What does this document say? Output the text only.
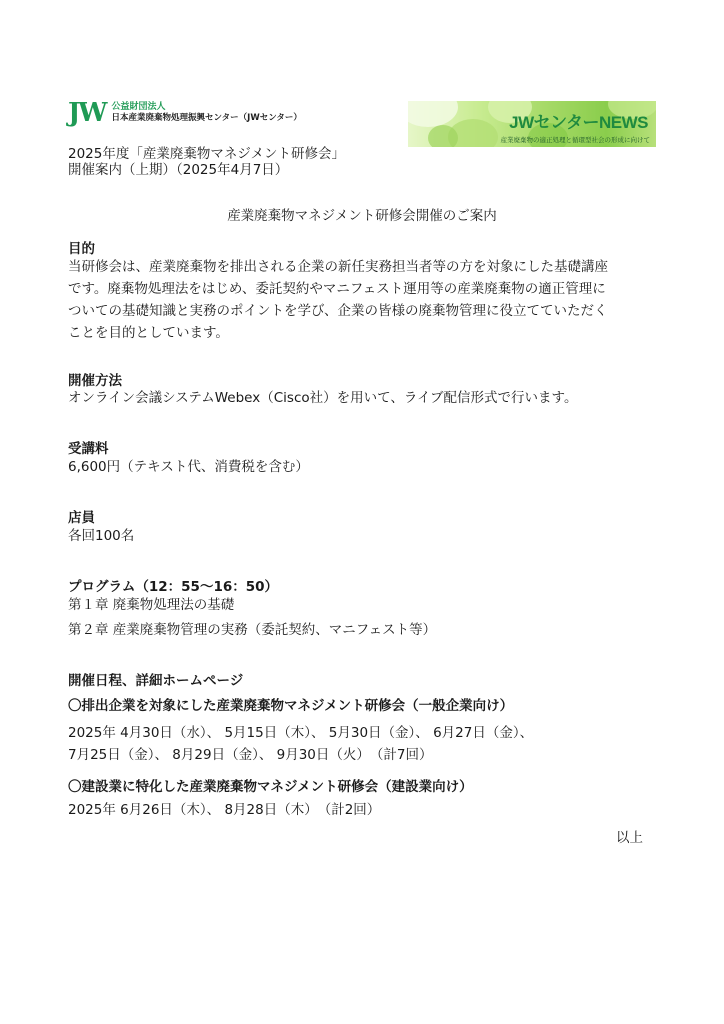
JW 公益財団法人
日本産業廃棄物処理振興センター（JWセンター）	JWセンターNEWS
産業廃棄物の適正処理と循環型社会の形成に向けて
2025年度「産業廃棄物マネジメント研修会」
開催案内（上期）（2025年4月7日）
産業廃棄物マネジメント研修会開催のご案内
目的
当研修会は、産業廃棄物を排出される企業の新任実務担当者等の方を対象にした基礎講座
です。廃棄物処理法をはじめ、委託契約やマニフェスト運用等の産業廃棄物の適正管理に
ついての基礎知識と実務のポイントを学び、企業の皆様の廃棄物管理に役立てていただく
ことを目的としています。
開催方法
オンライン会議システムWebex（Cisco社）を用いて、ライブ配信形式で行います。
受講料
6,600円（テキスト代、消費税を含む）
店員
各回100名
プログラム（12：55～16：50）
第１章 廃棄物処理法の基礎
第２章 産業廃棄物管理の実務（委託契約、マニフェスト等）
開催日程、詳細ホームページ
〇排出企業を対象にした産業廃棄物マネジメント研修会（一般企業向け）
2025年 4月30日（水）、 5月15日（木）、 5月30日（金）、 6月27日（金）、
7月25日（金）、 8月29日（金）、 9月30日（火）　（計7回）
〇建設業に特化した産業廃棄物マネジメント研修会（建設業向け）
2025年 6月26日（木）、 8月28日（木）　（計2回）
以上
